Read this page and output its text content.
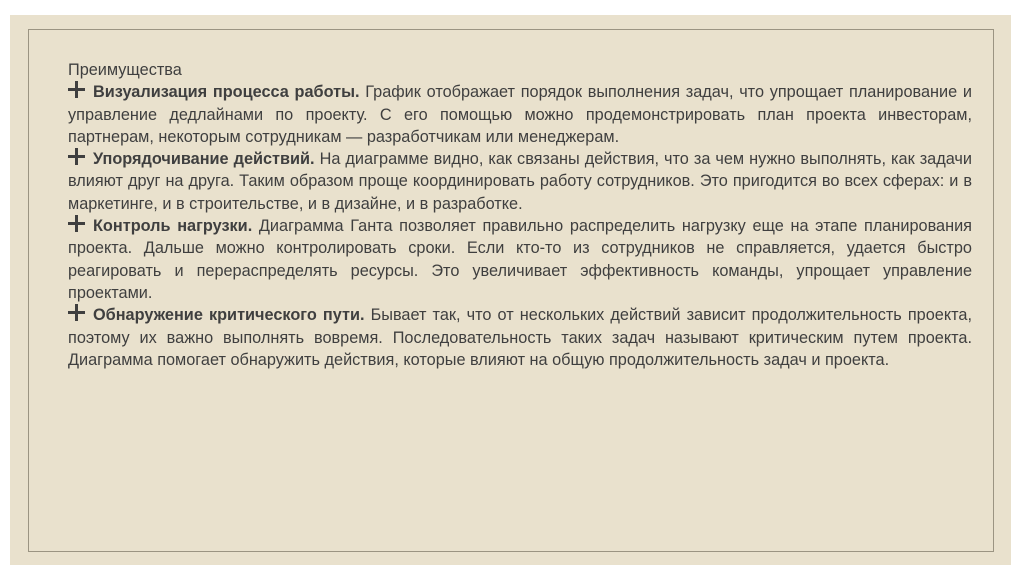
Преимущества
Визуализация процесса работы. График отображает порядок выполнения задач, что упрощает планирование и управление дедлайнами по проекту. С его помощью можно продемонстрировать план проекта инвесторам, партнерам, некоторым сотрудникам — разработчикам или менеджерам.
Упорядочивание действий. На диаграмме видно, как связаны действия, что за чем нужно выполнять, как задачи влияют друг на друга. Таким образом проще координировать работу сотрудников. Это пригодится во всех сферах: и в маркетинге, и в строительстве, и в дизайне, и в разработке.
Контроль нагрузки. Диаграмма Ганта позволяет правильно распределить нагрузку еще на этапе планирования проекта. Дальше можно контролировать сроки. Если кто-то из сотрудников не справляется, удается быстро реагировать и перераспределять ресурсы. Это увеличивает эффективность команды, упрощает управление проектами.
Обнаружение критического пути. Бывает так, что от нескольких действий зависит продолжительность проекта, поэтому их важно выполнять вовремя. Последовательность таких задач называют критическим путем проекта. Диаграмма помогает обнаружить действия, которые влияют на общую продолжительность задач и проекта.
